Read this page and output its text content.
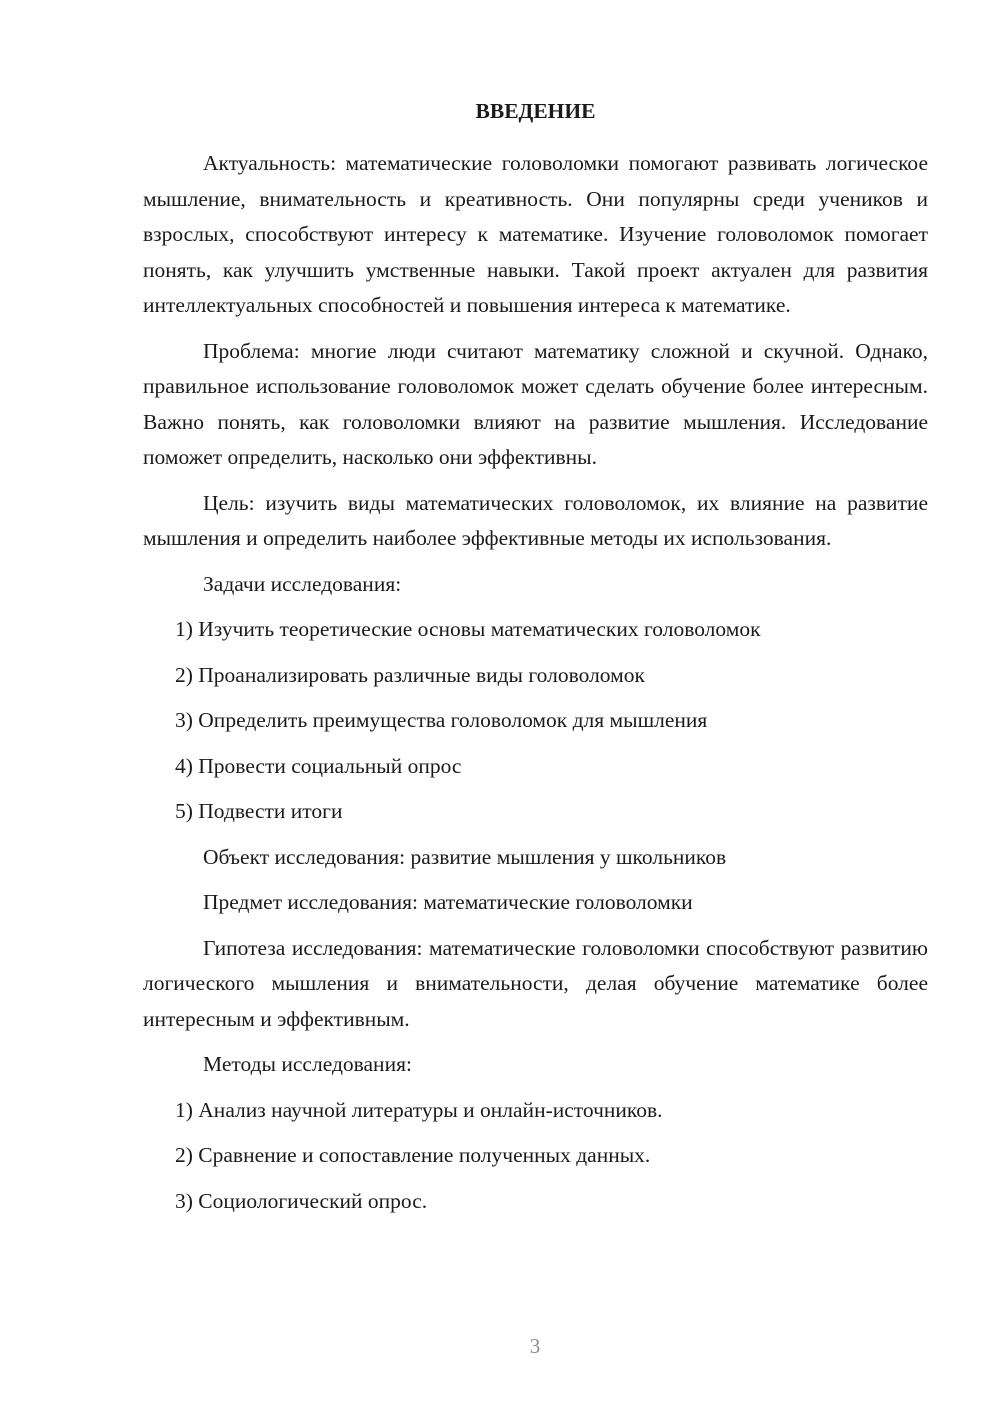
ВВЕДЕНИЕ

Актуальность: математические головоломки помогают развивать логическое мышление, внимательность и креативность. Они популярны среди учеников и взрослых, способствуют интересу к математике. Изучение головоломок помогает понять, как улучшить умственные навыки. Такой проект актуален для развития интеллектуальных способностей и повышения интереса к математике.

Проблема: многие люди считают математику сложной и скучной. Однако, правильное использование головоломок может сделать обучение более интересным. Важно понять, как головоломки влияют на развитие мышления. Исследование поможет определить, насколько они эффективны.

Цель: изучить виды математических головоломок, их влияние на развитие мышления и определить наиболее эффективные методы их использования.

Задачи исследования:

1) Изучить теоретические основы математических головоломок

2) Проанализировать различные виды головоломок

3) Определить преимущества головоломок для мышления

4) Провести социальный опрос

5) Подвести итоги

Объект исследования: развитие мышления у школьников

Предмет исследования: математические головоломки

Гипотеза исследования: математические головоломки способствуют развитию логического мышления и внимательности, делая обучение математике более интересным и эффективным.

Методы исследования:

1) Анализ научной литературы и онлайн-источников.

2) Сравнение и сопоставление полученных данных.

3) Социологический опрос.

3
